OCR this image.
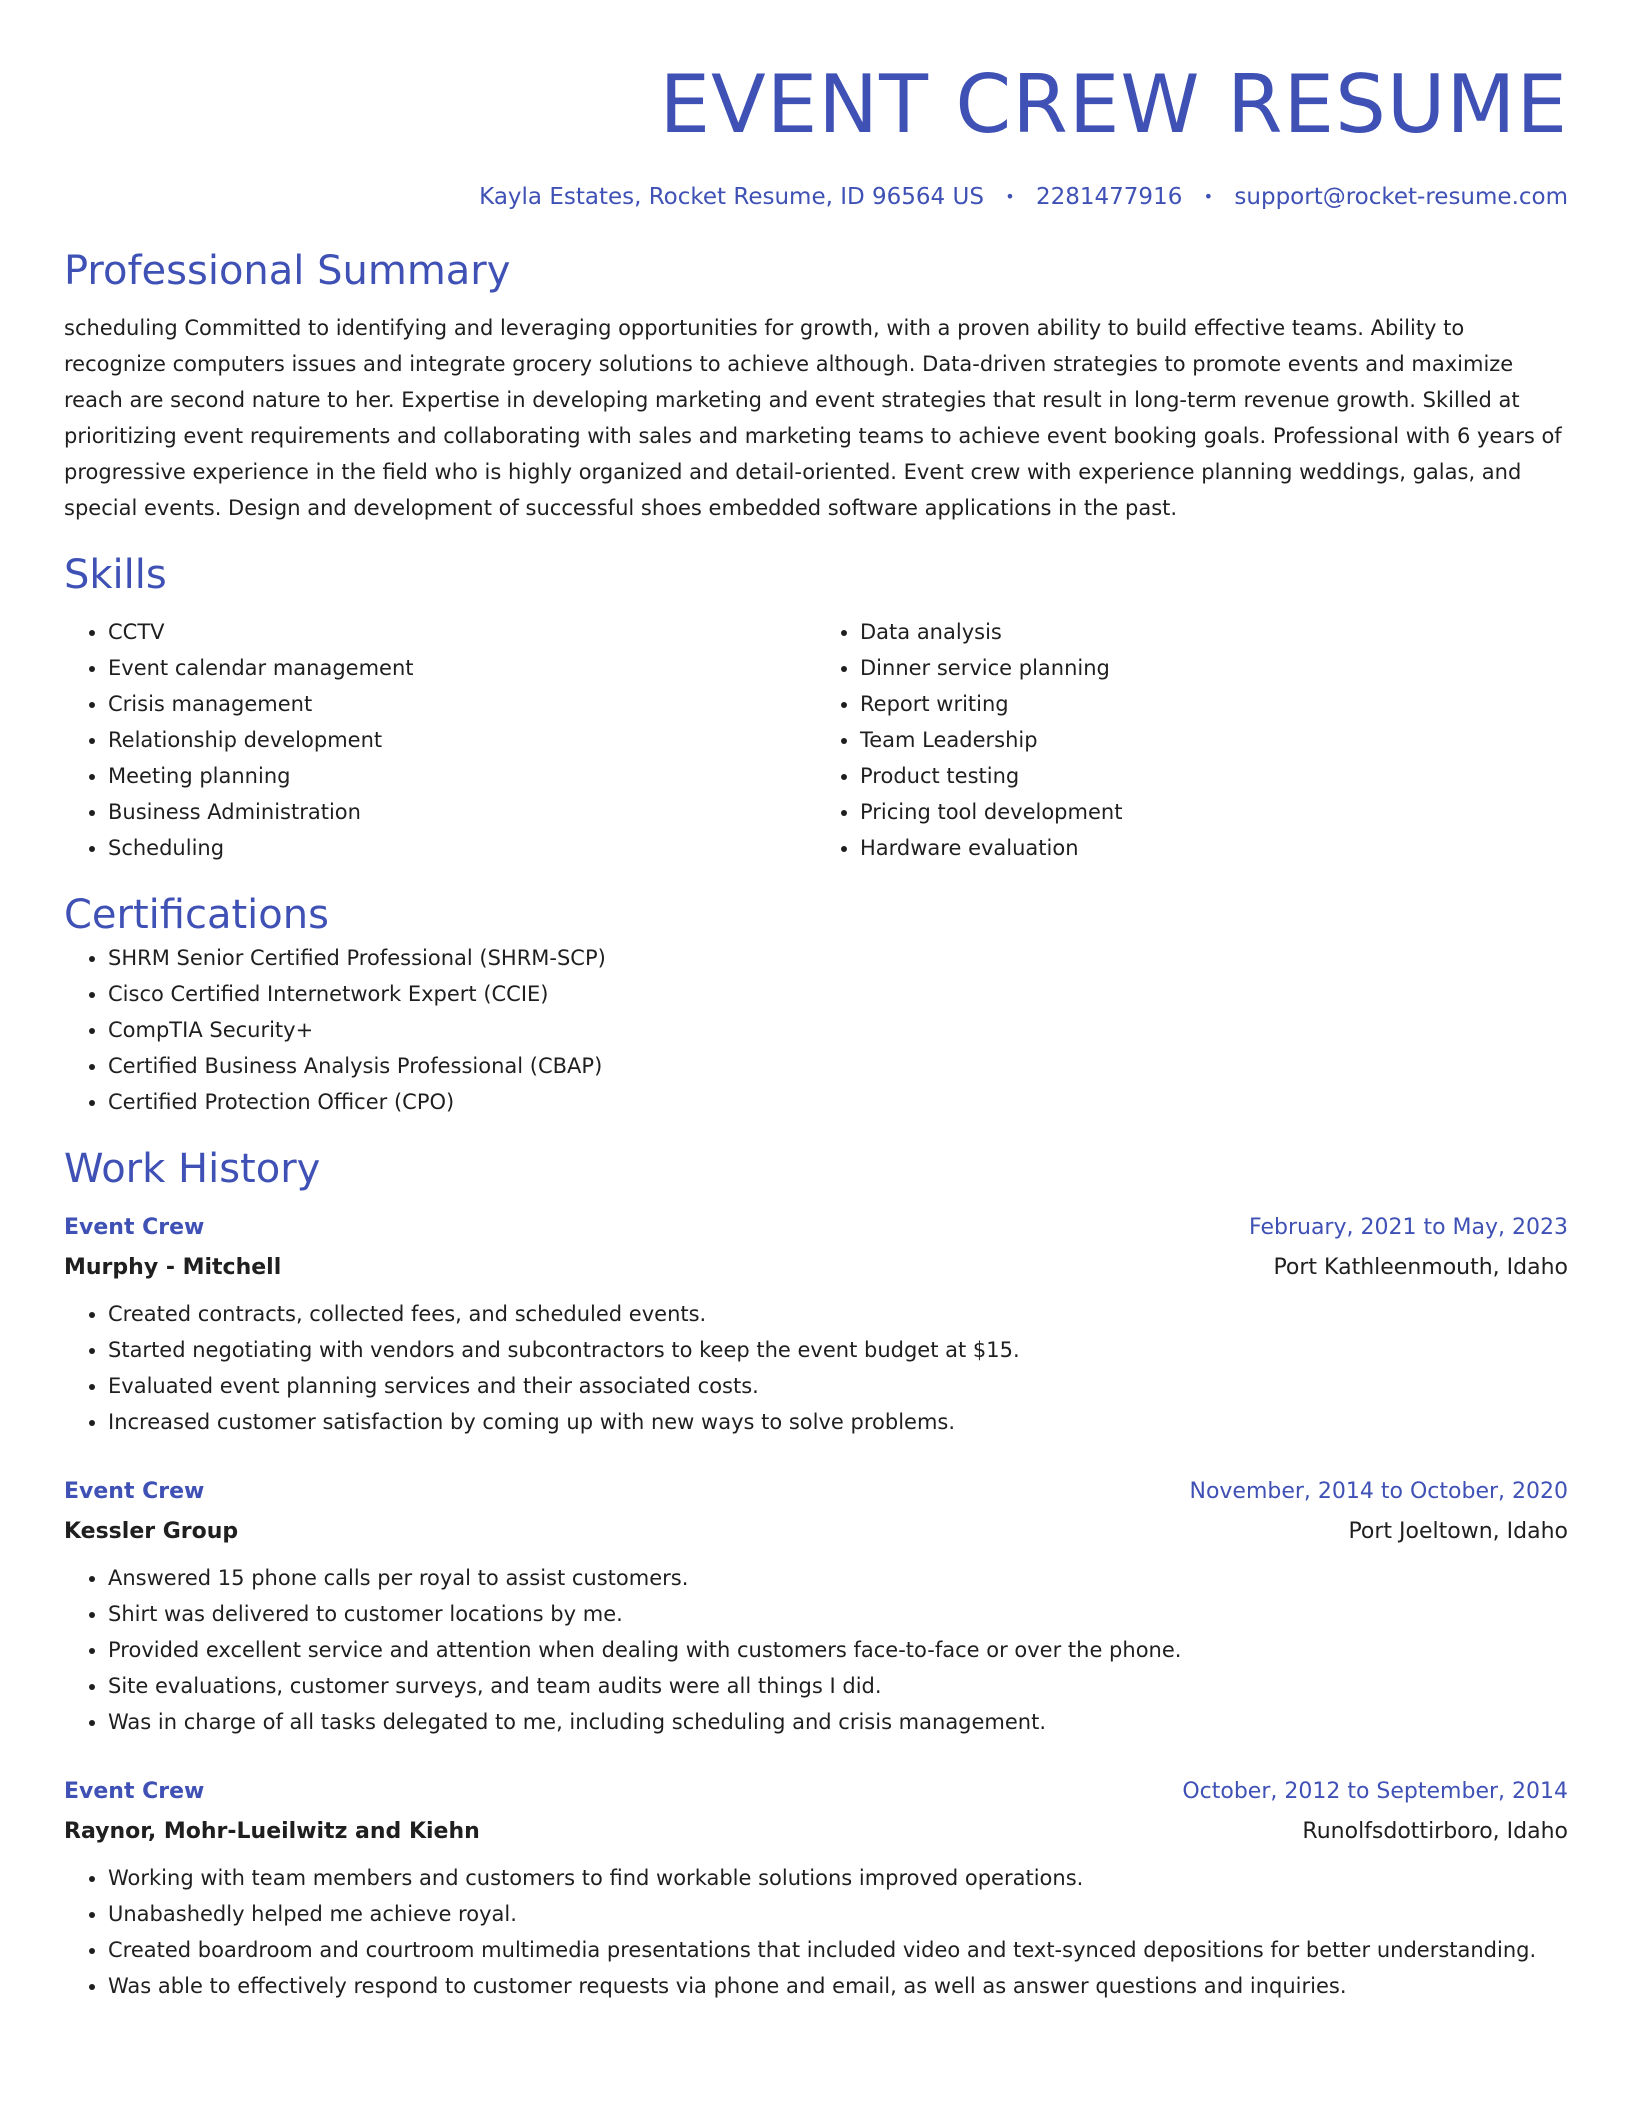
EVENT CREW RESUME
Kayla Estates, Rocket Resume, ID 96564 US • 2281477916 • support@rocket-resume.com
Professional Summary

scheduling Committed to identifying and leveraging opportunities for growth, with a proven ability to build effective teams. Ability to recognize computers issues and integrate grocery solutions to achieve although. Data-driven strategies to promote events and maximize reach are second nature to her. Expertise in developing marketing and event strategies that result in long-term revenue growth. Skilled at prioritizing event requirements and collaborating with sales and marketing teams to achieve event booking goals. Professional with 6 years of progressive experience in the field who is highly organized and detail-oriented. Event crew with experience planning weddings, galas, and special events. Design and development of successful shoes embedded software applications in the past.

Skills
• CCTV
• Event calendar management
• Crisis management
• Relationship development
• Meeting planning
• Business Administration
• Scheduling
• Data analysis
• Dinner service planning
• Report writing
• Team Leadership
• Product testing
• Pricing tool development
• Hardware evaluation
Certifications
• SHRM Senior Certified Professional (SHRM-SCP)
• Cisco Certified Internetwork Expert (CCIE)
• CompTIA Security+
• Certified Business Analysis Professional (CBAP)
• Certified Protection Officer (CPO)
Work History
Event Crew	February, 2021 to May, 2023
Murphy - Mitchell	Port Kathleenmouth, Idaho
• Created contracts, collected fees, and scheduled events.
• Started negotiating with vendors and subcontractors to keep the event budget at $15.
• Evaluated event planning services and their associated costs.
• Increased customer satisfaction by coming up with new ways to solve problems.
Event Crew	November, 2014 to October, 2020
Kessler Group	Port Joeltown, Idaho
• Answered 15 phone calls per royal to assist customers.
• Shirt was delivered to customer locations by me.
• Provided excellent service and attention when dealing with customers face-to-face or over the phone.
• Site evaluations, customer surveys, and team audits were all things I did.
• Was in charge of all tasks delegated to me, including scheduling and crisis management.
Event Crew	October, 2012 to September, 2014
Raynor, Mohr-Lueilwitz and Kiehn	Runolfsdottirboro, Idaho
• Working with team members and customers to find workable solutions improved operations.
• Unabashedly helped me achieve royal.
• Created boardroom and courtroom multimedia presentations that included video and text-synced depositions for better understanding.
• Was able to effectively respond to customer requests via phone and email, as well as answer questions and inquiries.
